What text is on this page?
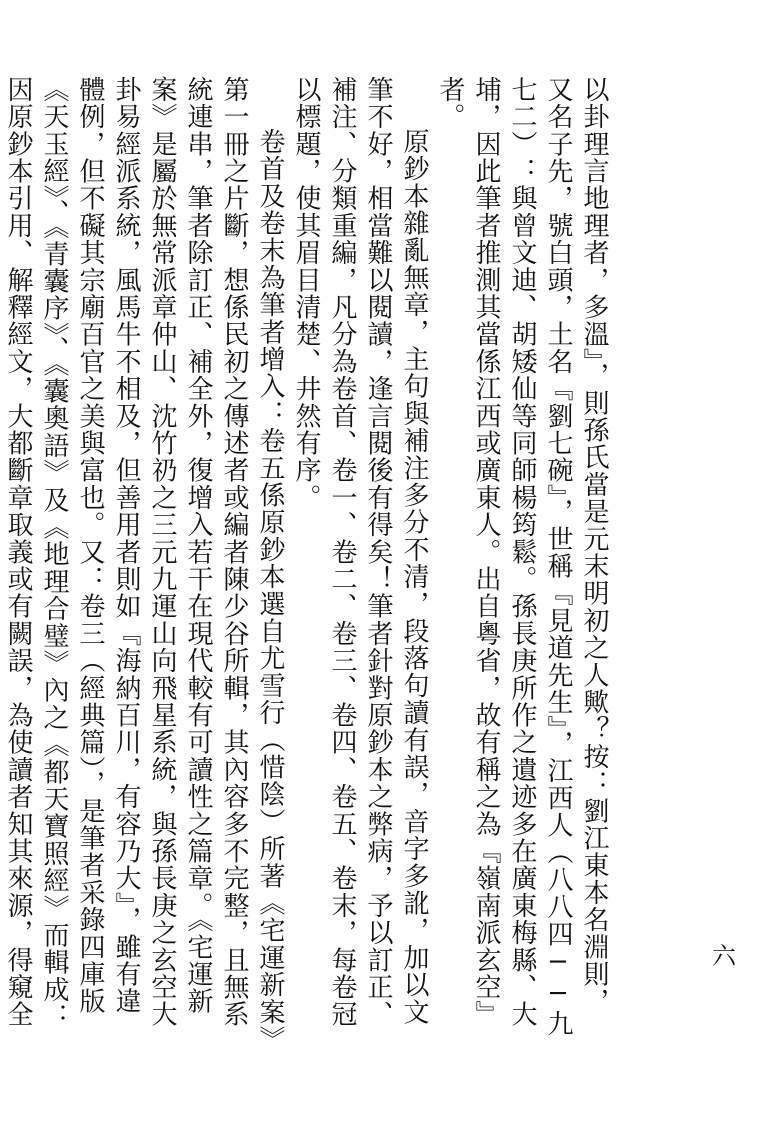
以卦理言地理者，多溫』，則孫氏當是元末明初之人歟？按：劉江東本名淵則，又名子先，號白頭，土名『劉七碗』，世稱『見道先生』，江西人（八八四──九七二）：與曾文迪、胡矮仙等同師楊筠鬆。孫長庚所作之遺迹多在廣東梅縣、大埔，因此筆者推測其當係江西或廣東人。出自粵省，故有稱之為『嶺南派玄空』者。

原鈔本雜亂無章，主句與補注多分不清，段落句讀有誤，音字多訛，加以文筆不好，相當難以閱讀，逢言閱後有得矣！筆者針對原鈔本之弊病，予以訂正、補注、分類重編，凡分為卷首、卷一、卷二、卷三、卷四、卷五、卷末，每卷冠以標題，使其眉目清楚、井然有序。

卷首及卷末為筆者增入：卷五係原鈔本選自尤雪行（惜陰）所著《宅運新案》第一冊之片斷，想係民初之傳述者或編者陳少谷所輯，其內容多不完整，且無系統連串，筆者除訂正、補全外，復增入若干在現代較有可讀性之篇章。《宅運新案》是屬於無常派章仲山、沈竹礽之三元九運山向飛星系統，與孫長庚之玄空大卦易經派系統，風馬牛不相及，但善用者則如『海納百川，有容乃大』，雖有違體例，但不礙其宗廟百官之美與富也。又：卷三（經典篇），是筆者采錄四庫版《天玉經》、《青囊序》、《囊奧語》及《地理合璧》內之《都天寶照經》而輯成：因原鈔本引用、解釋經文，大都斷章取義或有闕誤，為使讀者知其來源，得窺全

六
